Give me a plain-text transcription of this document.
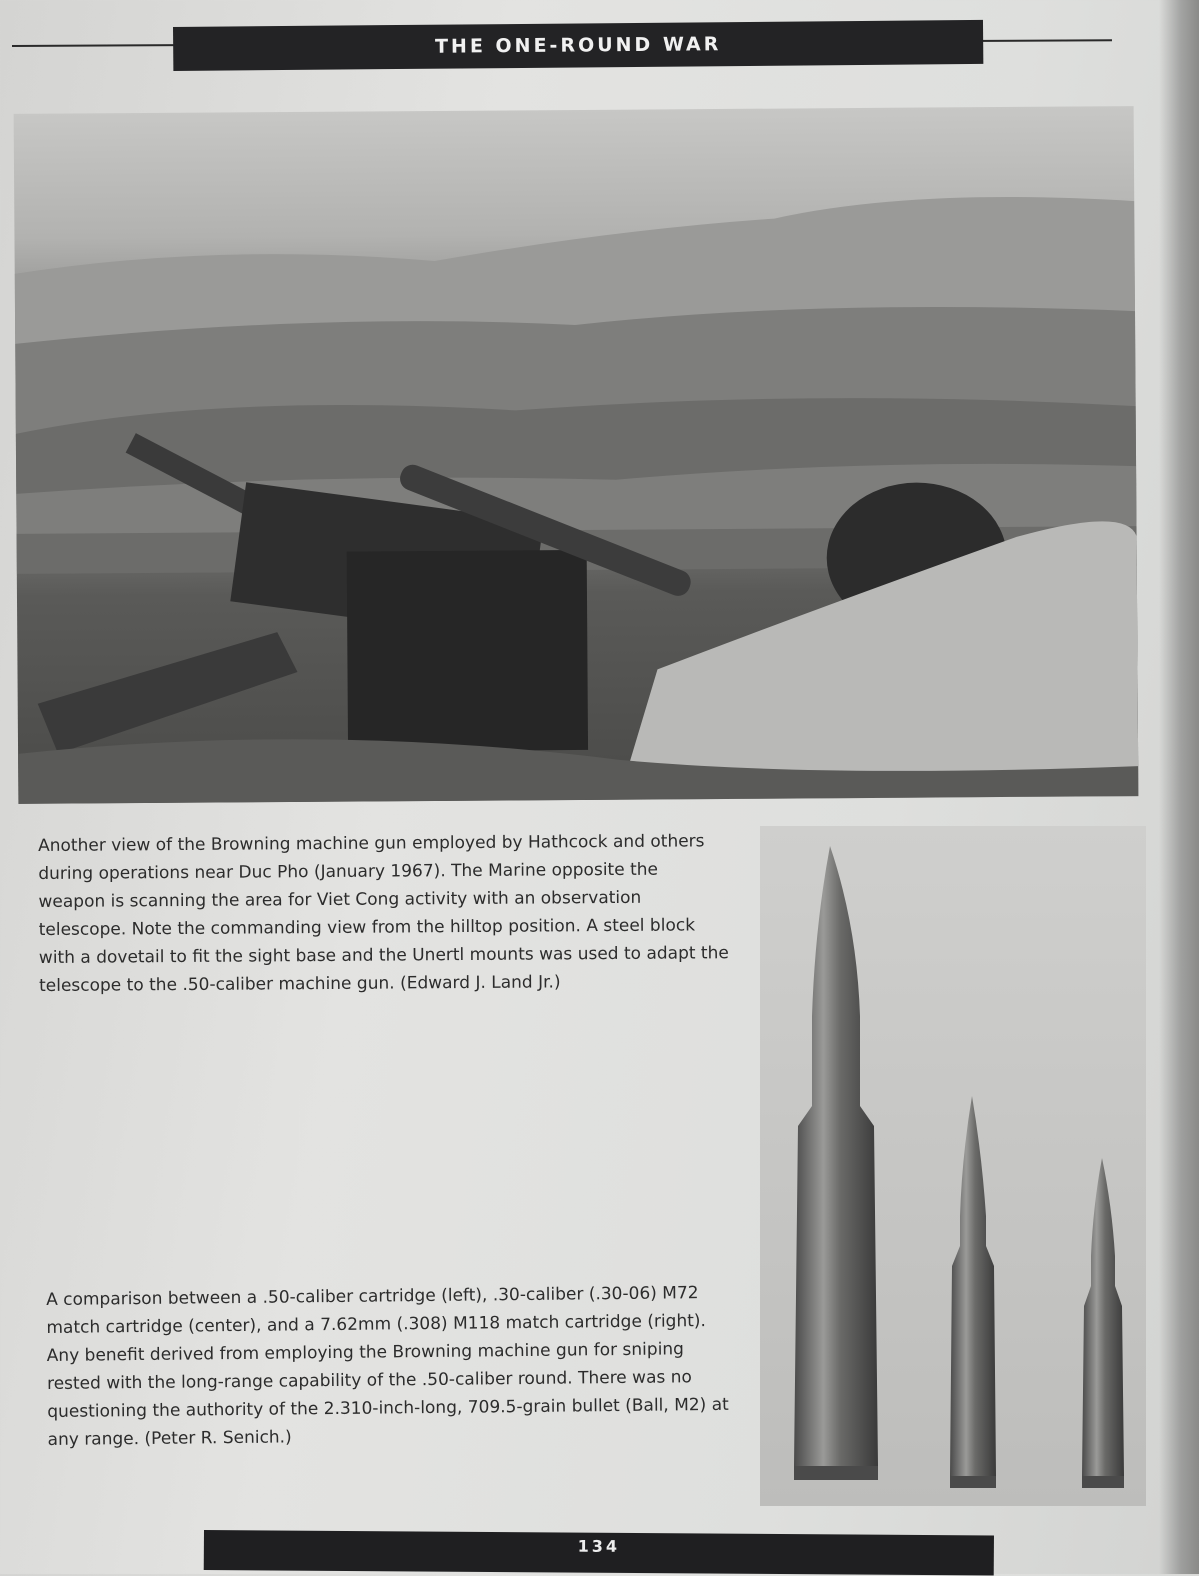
THE ONE-ROUND WAR

Another view of the Browning machine gun employed by Hathcock and others during operations near Duc Pho (January 1967). The Marine opposite the weapon is scanning the area for Viet Cong activity with an observation telescope. Note the commanding view from the hilltop position. A steel block with a dovetail to fit the sight base and the Unertl mounts was used to adapt the telescope to the .50-caliber machine gun. (Edward J. Land Jr.)

A comparison between a .50-caliber cartridge (left), .30-caliber (.30-06) M72 match cartridge (center), and a 7.62mm (.308) M118 match cartridge (right). Any benefit derived from employing the Browning machine gun for sniping rested with the long-range capability of the .50-caliber round. There was no questioning the authority of the 2.310-inch-long, 709.5-grain bullet (Ball, M2) at any range. (Peter R. Senich.)

134
